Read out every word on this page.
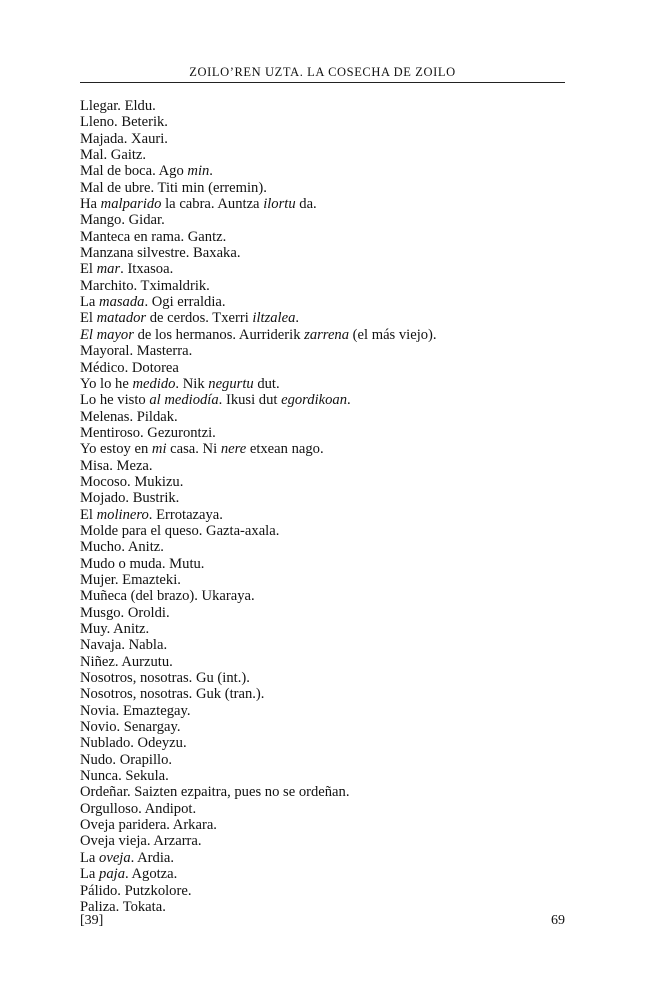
ZOILO’REN UZTA. LA COSECHA DE ZOILO
Llegar. Eldu.
Lleno. Beterik.
Majada. Xauri.
Mal. Gaitz.
Mal de boca. Ago min.
Mal de ubre. Titi min (erremin).
Ha malparido la cabra. Auntza ilortu da.
Mango. Gidar.
Manteca en rama. Gantz.
Manzana silvestre. Baxaka.
El mar. Itxasoa.
Marchito. Tximaldrik.
La masada. Ogi erraldia.
El matador de cerdos. Txerri iltzalea.
El mayor de los hermanos. Aurriderik zarrena (el más viejo).
Mayoral. Masterra.
Médico. Dotorea
Yo lo he medido. Nik negurtu dut.
Lo he visto al mediodía. Ikusi dut egordikoan.
Melenas. Pildak.
Mentiroso. Gezurontzi.
Yo estoy en mi casa. Ni nere etxean nago.
Misa. Meza.
Mocoso. Mukizu.
Mojado. Bustrik.
El molinero. Errotazaya.
Molde para el queso. Gazta-axala.
Mucho. Anitz.
Mudo o muda. Mutu.
Mujer. Emazteki.
Muñeca (del brazo). Ukaraya.
Musgo. Oroldi.
Muy. Anitz.
Navaja. Nabla.
Niñez. Aurzutu.
Nosotros, nosotras. Gu (int.).
Nosotros, nosotras. Guk (tran.).
Novia. Emaztegay.
Novio. Senargay.
Nublado. Odeyzu.
Nudo. Orapillo.
Nunca. Sekula.
Ordeñar. Saizten ezpaitra, pues no se ordeñan.
Orgulloso. Andipot.
Oveja paridera. Arkara.
Oveja vieja. Arzarra.
La oveja. Ardia.
La paja. Agotza.
Pálido. Putzkolore.
Paliza. Tokata.
[39]	69
